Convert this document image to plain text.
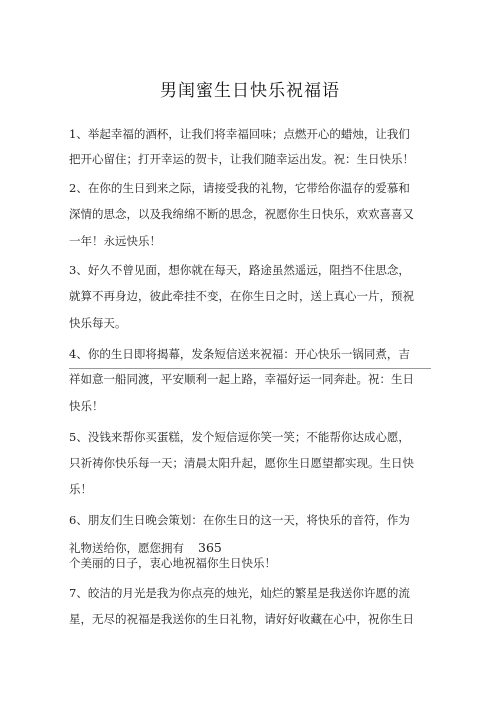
男闺蜜生日快乐祝福语
1、举起幸福的酒杯，让我们将幸福回味；点燃开心的蜡烛，让我们
把开心留住；打开幸运的贺卡，让我们随幸运出发。祝：生日快乐！
2、在你的生日到来之际，请接受我的礼物，它带给你温存的爱慕和
深情的思念，以及我绵绵不断的思念，祝愿你生日快乐，欢欢喜喜又
一年！永远快乐！
3、好久不曾见面，想你就在每天，路途虽然遥远，阻挡不住思念，
就算不再身边，彼此牵挂不变，在你生日之时，送上真心一片，预祝
快乐每天。
4、你的生日即将揭幕，发条短信送来祝福：开心快乐一锅同煮，吉
祥如意一船同渡，平安顺利一起上路，幸福好运一同奔赴。祝：生日
快乐！
5、没钱来帮你买蛋糕，发个短信逗你笑一笑；不能帮你达成心愿，
只祈祷你快乐每一天；清晨太阳升起，愿你生日愿望都实现。生日快
乐！
6、朋友们生日晚会策划：在你生日的这一天，将快乐的音符，作为
礼物送给你，愿您拥有 365
个美丽的日子，衷心地祝福你生日快乐！
7、皎洁的月光是我为你点亮的烛光，灿烂的繁星是我送你许愿的流
星，无尽的祝福是我送你的生日礼物，请好好收藏在心中，祝你生日
